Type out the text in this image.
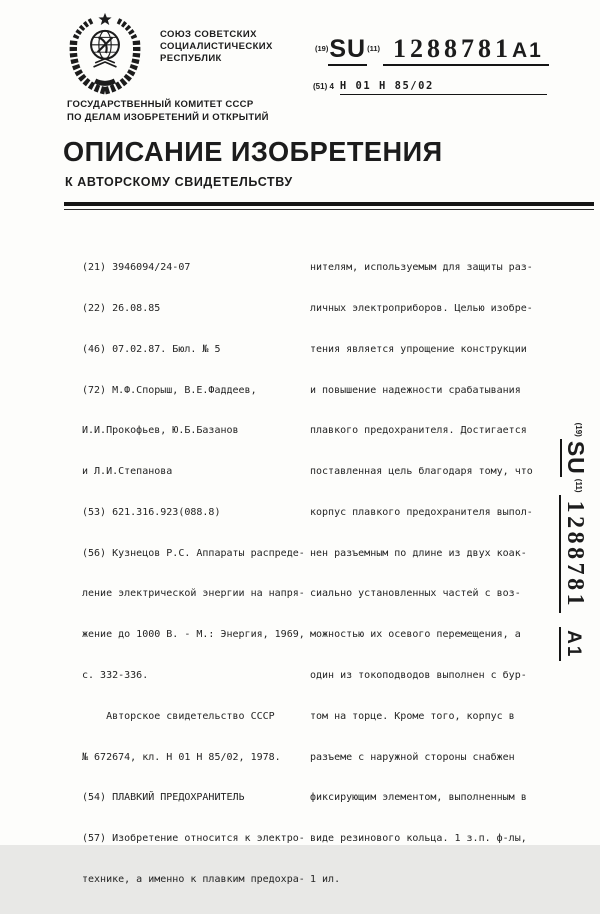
СОЮЗ СОВЕТСКИХ
СОЦИАЛИСТИЧЕСКИХ
РЕСПУБЛИК
(19) SU (11) 1288781 A1
(51) 4 H 01 H 85/02
ГОСУДАРСТВЕННЫЙ КОМИТЕТ СССР
ПО ДЕЛАМ ИЗОБРЕТЕНИЙ И ОТКРЫТИЙ
ОПИСАНИЕ ИЗОБРЕТЕНИЯ
К АВТОРСКОМУ СВИДЕТЕЛЬСТВУ

(21) 3946094/24-07

(22) 26.08.85

(46) 07.02.87. Бюл. № 5

(72) М.Ф.Спорыш, В.Е.Фаддеев,

И.И.Прокофьев, Ю.Б.Базанов

и Л.И.Степанова

(53) 621.316.923(088.8)

(56) Кузнецов Р.С. Аппараты распреде-

ление электрической энергии на напря-

жение до 1000 В. - М.: Энергия, 1969,

с. 332-336.

Авторское свидетельство СССР

№ 672674, кл. H 01 H 85/02, 1978.

(54) ПЛАВКИЙ ПРЕДОХРАНИТЕЛЬ

(57) Изобретение относится к электро-

технике, а именно к плавким предохра-

нителям, используемым для защиты раз-

личных электроприборов. Целью изобре-

тения является упрощение конструкции

и повышение надежности срабатывания

плавкого предохранителя. Достигается

поставленная цель благодаря тому, что

корпус плавкого предохранителя выпол-

нен разъемным по длине из двух коак-

сиально установленных частей с воз-

можностью их осевого перемещения, а

один из токоподводов выполнен с бур-

том на торце. Кроме того, корпус в

разъеме с наружной стороны снабжен

фиксирующим элементом, выполненным в

виде резинового кольца. 1 з.п. ф-лы,

1 ил.

(19)
SU
(11)
1288781
A1
